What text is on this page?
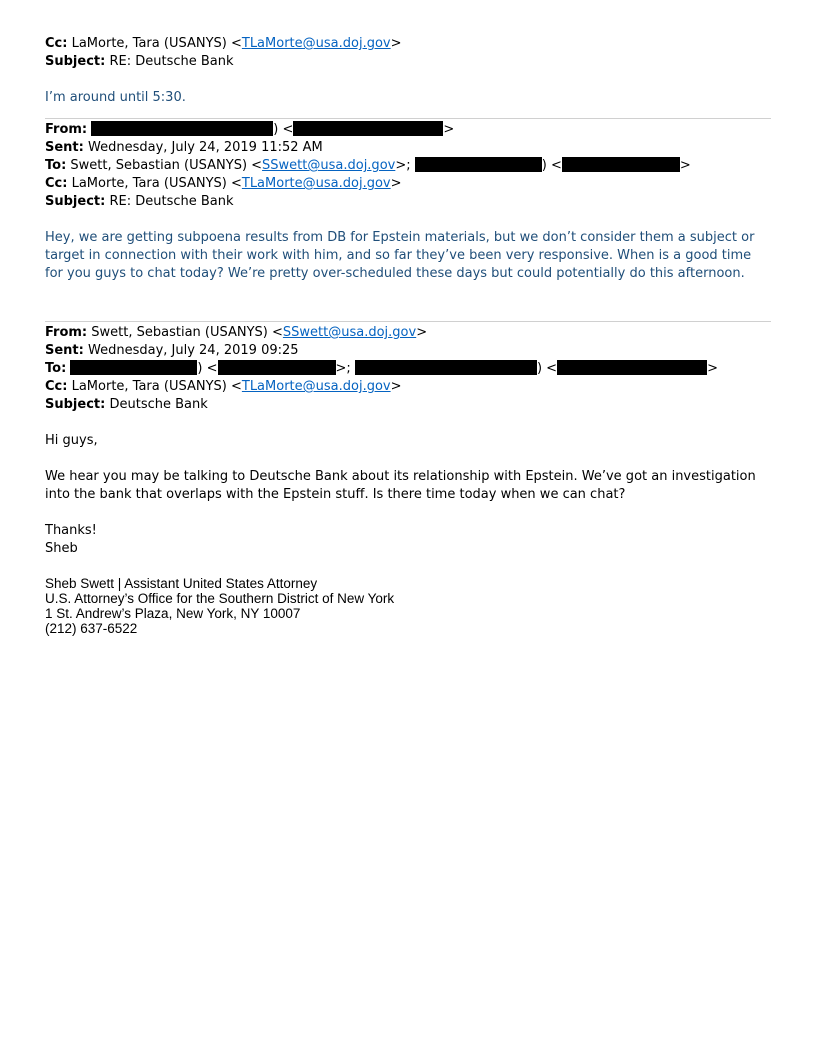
Cc: LaMorte, Tara (USANYS) <TLaMorte@usa.doj.gov>
Subject: RE: Deutsche Bank
I’m around until 5:30.
From:	) <	>
Sent: Wednesday, July 24, 2019 11:52 AM
To: Swett, Sebastian (USANYS) <SSwett@usa.doj.gov>;	) <	>
Cc: LaMorte, Tara (USANYS) <TLaMorte@usa.doj.gov>
Subject: RE: Deutsche Bank
Hey, we are getting subpoena results from DB for Epstein materials, but we don’t consider them a subject or target in connection with their work with him, and so far they’ve been very responsive. When is a good time for you guys to chat today? We’re pretty over-scheduled these days but could potentially do this afternoon.
From: Swett, Sebastian (USANYS) <SSwett@usa.doj.gov>
Sent: Wednesday, July 24, 2019 09:25
To:	) <	>;	) <	>
Cc: LaMorte, Tara (USANYS) <TLaMorte@usa.doj.gov>
Subject: Deutsche Bank
Hi guys,
We hear you may be talking to Deutsche Bank about its relationship with Epstein. We’ve got an investigation into the bank that overlaps with the Epstein stuff. Is there time today when we can chat?
Thanks!
Sheb
Sheb Swett | Assistant United States Attorney
U.S. Attorney’s Office for the Southern District of New York
1 St. Andrew’s Plaza, New York, NY 10007
(212) 637-6522
